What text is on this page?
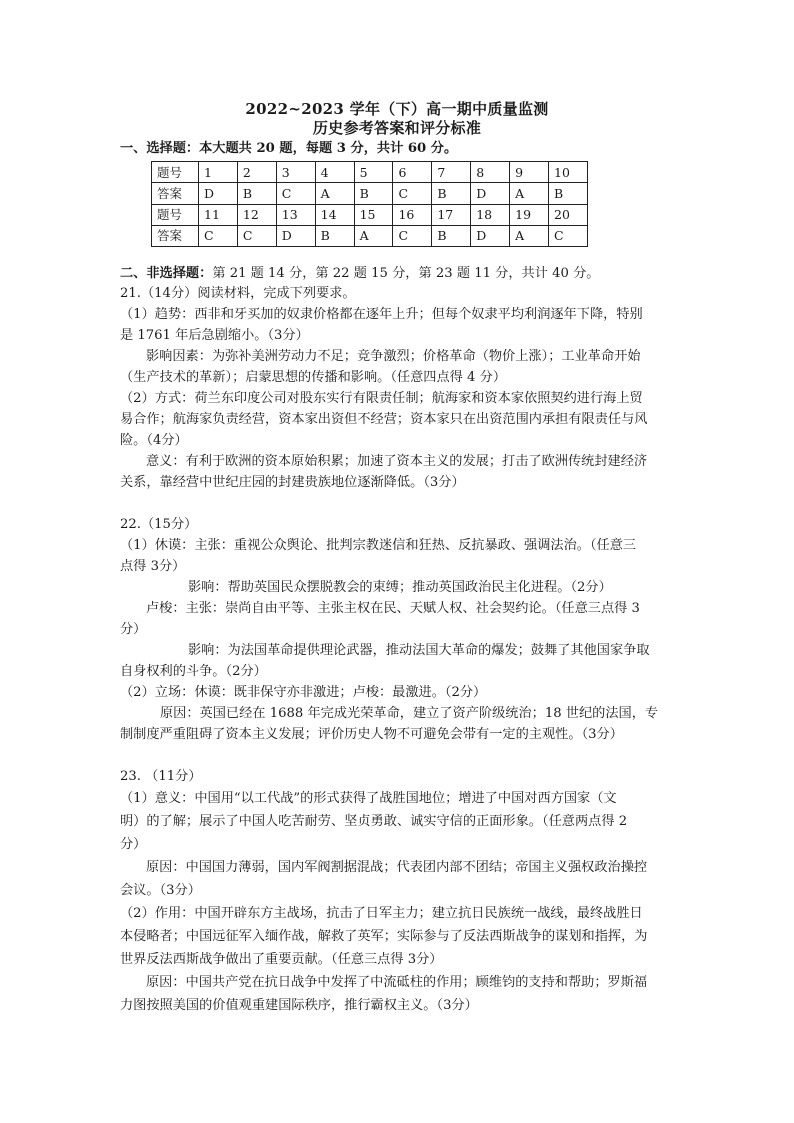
2022~2023 学年（下）高一期中质量监测
历史参考答案和评分标准
一、选择题：本大题共 20 题，每题 3 分，共计 60 分。
题号	1	2	3	4	5	6	7	8	9	10
答案	D	B	C	A	B	C	B	D	A	B
题号	11	12	13	14	15	16	17	18	19	20
答案	C	C	D	B	A	C	B	D	A	C
二、非选择题：第 21 题 14 分，第 22 题 15 分，第 23 题 11 分，共计 40 分。
21.（14分）阅读材料，完成下列要求。
（1）趋势：西非和牙买加的奴隶价格都在逐年上升；但每个奴隶平均利润逐年下降，特别
是 1761 年后急剧缩小。（3分）
影响因素：为弥补美洲劳动力不足；竞争激烈；价格革命（物价上涨）；工业革命开始
（生产技术的革新）；启蒙思想的传播和影响。（任意四点得 4 分）
（2）方式：荷兰东印度公司对股东实行有限责任制；航海家和资本家依照契约进行海上贸
易合作；航海家负责经营，资本家出资但不经营；资本家只在出资范围内承担有限责任与风
险。（4分）
意义：有利于欧洲的资本原始积累；加速了资本主义的发展；打击了欧洲传统封建经济
关系，靠经营中世纪庄园的封建贵族地位逐渐降低。（3分）
22.（15分）
（1）休谟：主张：重视公众舆论、批判宗教迷信和狂热、反抗暴政、强调法治。（任意三
点得 3分）
影响：帮助英国民众摆脱教会的束缚；推动英国政治民主化进程。（2分）
卢梭：主张：崇尚自由平等、主张主权在民、天赋人权、社会契约论。（任意三点得 3
分）
影响：为法国革命提供理论武器，推动法国大革命的爆发；鼓舞了其他国家争取
自身权利的斗争。（2分）
（2）立场：休谟：既非保守亦非激进；卢梭：最激进。（2分）
原因：英国已经在 1688 年完成光荣革命，建立了资产阶级统治；18 世纪的法国，专
制制度严重阻碍了资本主义发展；评价历史人物不可避免会带有一定的主观性。（3分）
23. （11分）
（1）意义：中国用“以工代战”的形式获得了战胜国地位；增进了中国对西方国家（文
明）的了解；展示了中国人吃苦耐劳、坚贞勇敢、诚实守信的正面形象。（任意两点得 2
分）
原因：中国国力薄弱，国内军阀割据混战；代表团内部不团结；帝国主义强权政治操控
会议。（3分）
（2）作用：中国开辟东方主战场，抗击了日军主力；建立抗日民族统一战线，最终战胜日
本侵略者；中国远征军入缅作战，解救了英军；实际参与了反法西斯战争的谋划和指挥，为
世界反法西斯战争做出了重要贡献。（任意三点得 3分）
原因：中国共产党在抗日战争中发挥了中流砥柱的作用；顾维钧的支持和帮助；罗斯福
力图按照美国的价值观重建国际秩序，推行霸权主义。（3分）
